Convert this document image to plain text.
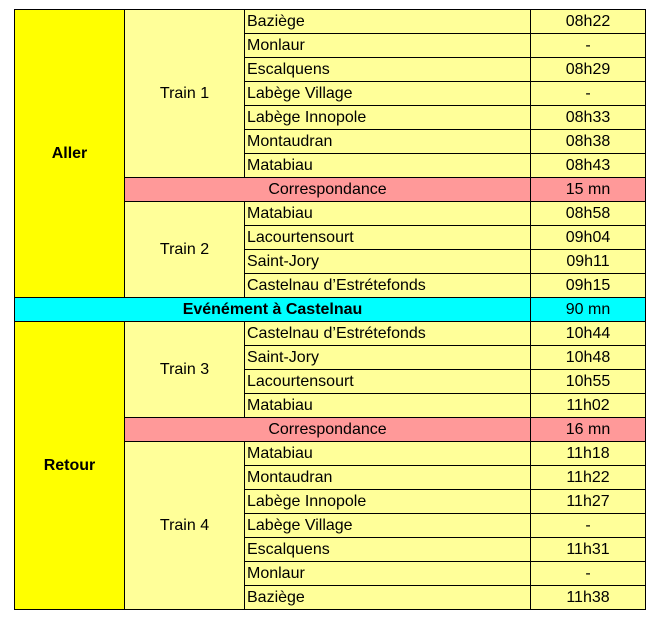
Aller	Train 1	Baziège	08h22
		Monlaur	-
		Escalquens	08h29
		Labège Village	-
		Labège Innopole	08h33
		Montaudran	08h38
		Matabiau	08h43
	Correspondance		15 mn
	Train 2	Matabiau	08h58
		Lacourtensourt	09h04
		Saint-Jory	09h11
		Castelnau d’Estrétefonds	09h15
Evénément à Castelnau			90 mn
Retour	Train 3	Castelnau d’Estrétefonds	10h44
		Saint-Jory	10h48
		Lacourtensourt	10h55
		Matabiau	11h02
	Correspondance		16 mn
	Train 4	Matabiau	11h18
		Montaudran	11h22
		Labège Innopole	11h27
		Labège Village	-
		Escalquens	11h31
		Monlaur	-
		Baziège	11h38
